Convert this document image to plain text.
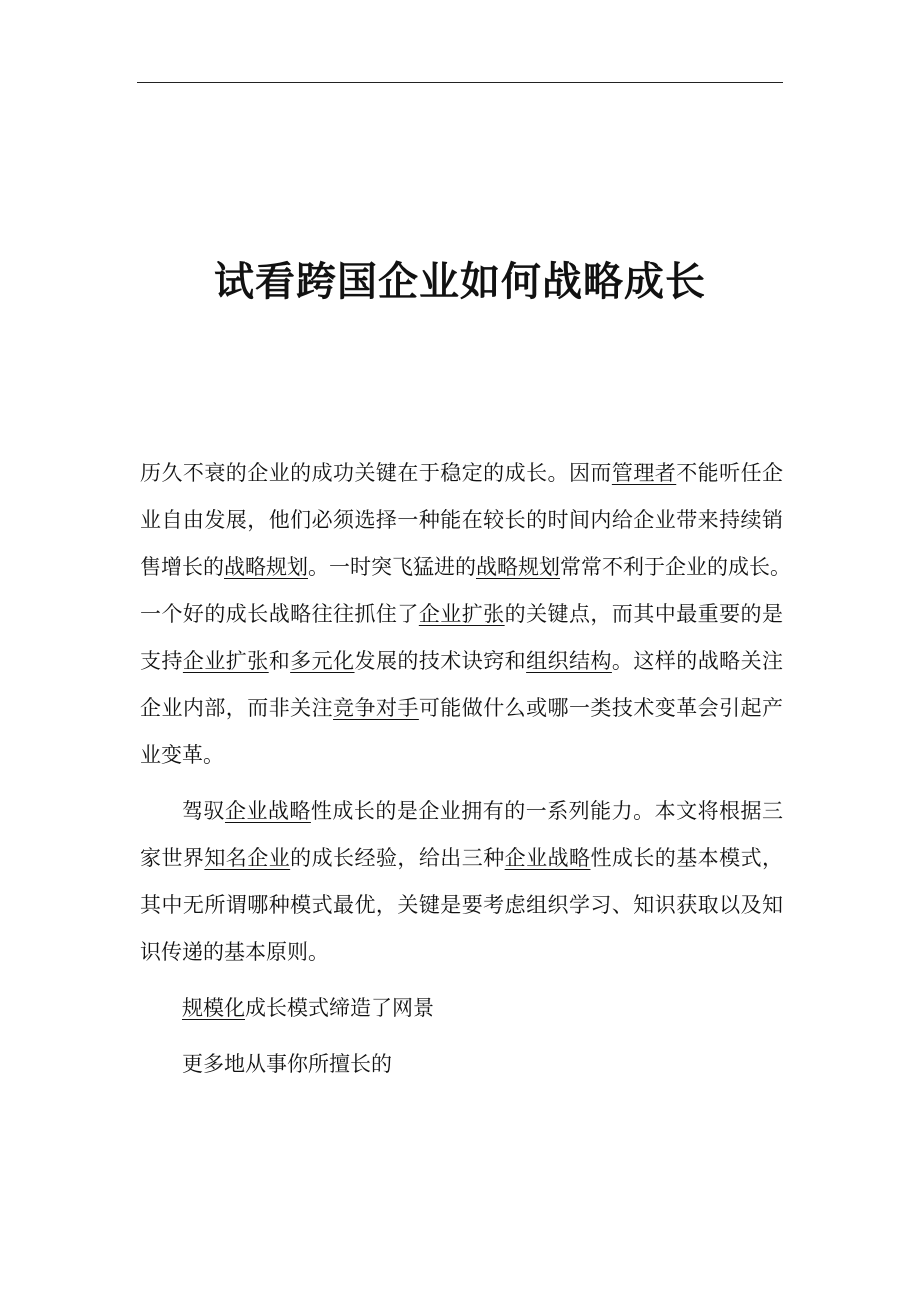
试看跨国企业如何战略成长
历久不衰的企业的成功关键在于稳定的成长。因而管理者不能听任企
业自由发展，他们必须选择一种能在较长的时间内给企业带来持续销
售增长的战略规划。一时突飞猛进的战略规划常常不利于企业的成长。
一个好的成长战略往往抓住了企业扩张的关键点，而其中最重要的是
支持企业扩张和多元化发展的技术诀窍和组织结构。这样的战略关注
企业内部，而非关注竞争对手可能做什么或哪一类技术变革会引起产
业变革。
驾驭企业战略性成长的是企业拥有的一系列能力。本文将根据三
家世界知名企业的成长经验，给出三种企业战略性成长的基本模式，
其中无所谓哪种模式最优，关键是要考虑组织学习、知识获取以及知
识传递的基本原则。
规模化成长模式缔造了网景
更多地从事你所擅长的
